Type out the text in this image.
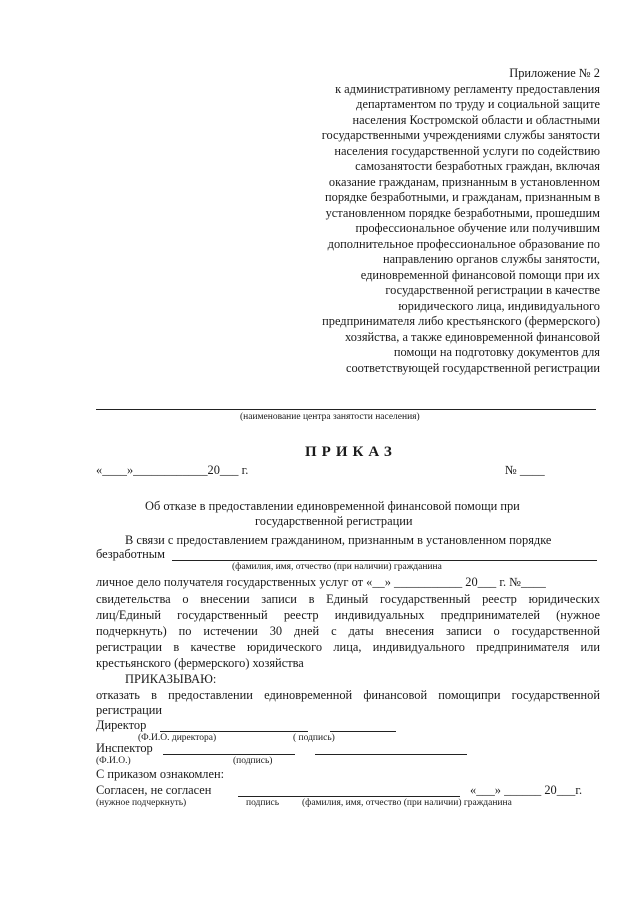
Приложение № 2
к административному регламенту предоставления
департаментом по труду и социальной защите
населения Костромской области и областными
государственными учреждениями службы занятости
населения государственной услуги по содействию
самозанятости безработных граждан, включая
оказание гражданам, признанным в установленном
порядке безработными, и гражданам, признанным в
установленном порядке безработными, прошедшим
профессиональное обучение или получившим
дополнительное профессиональное образование по
направлению органов службы занятости,
единовременной финансовой помощи при их
государственной регистрации в качестве
юридического лица, индивидуального
предпринимателя либо крестьянского (фермерского)
хозяйства, а также единовременной финансовой
помощи на подготовку документов для
соответствующей государственной регистрации
(наименование центра занятости населения)
ПРИКАЗ
«____»____________20___ г.	№ ____
Об отказе в предоставлении единовременной финансовой помощи при
государственной регистрации
В связи с предоставлением гражданином, признанным в установленном порядке
безработным
(фамилия, имя, отчество (при наличии) гражданина
личное дело получателя государственных услуг от «__» ___________ 20___ г. №____
свидетельства о внесении записи в Единый государственный реестр юридических
лиц/Единый государственный реестр индивидуальных предпринимателей (нужное
подчеркнуть) по истечении 30 дней с даты внесения записи о государственной
регистрации в качестве юридического лица, индивидуального предпринимателя или
крестьянского (фермерского) хозяйства
ПРИКАЗЫВАЮ:
отказать в предоставлении единовременной финансовой помощипри государственной
регистрации
Директор
(Ф.И.О. директора)	( подпись)
Инспектор
(Ф.И.О.)	(подпись)
С приказом ознакомлен:
Согласен, не согласен	«___» ______ 20___г.
(нужное подчеркнуть)	подпись (фамилия, имя, отчество (при наличии) гражданина
